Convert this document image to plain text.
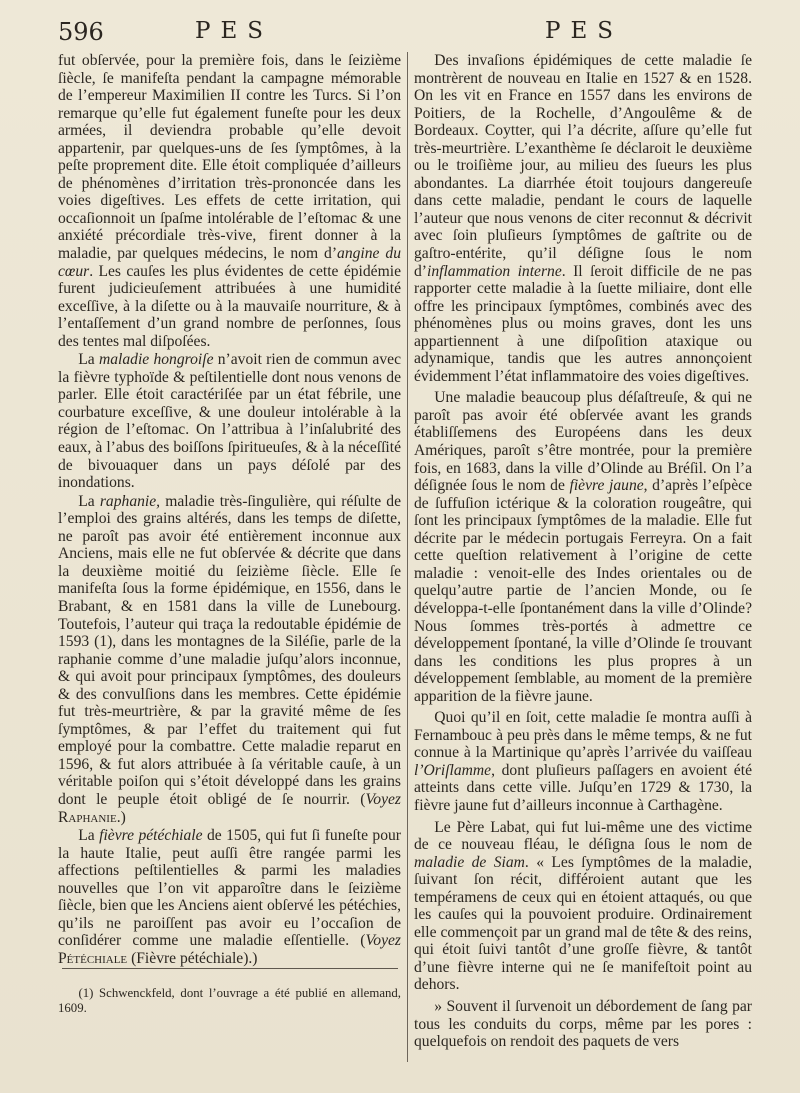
596	PES	PES

fut obſervée, pour la première fois, dans le ſeizième ſiècle, ſe manifeſta pendant la campagne mémorable de l’empereur Maximilien II contre les Turcs. Si l’on remarque qu’elle fut également funeſte pour les deux armées, il deviendra probable qu’elle devoit appartenir, par quelques-uns de ſes ſymptômes, à la peſte proprement dite. Elle étoit compliquée d’ailleurs de phénomènes d’irritation très-prononcée dans les voies digeſtives. Les effets de cette irritation, qui occaſionnoit un ſpaſme intolérable de l’eſtomac & une anxiété précordiale très-vive, firent donner à la maladie, par quelques médecins, le nom d’angine du cœur. Les cauſes les plus évidentes de cette épidémie furent judicieuſement attribuées à une humidité exceſſive, à la diſette ou à la mauvaiſe nourriture, & à l’entaſſement d’un grand nombre de perſonnes, ſous des tentes mal diſpoſées.

La maladie hongroiſe n’avoit rien de commun avec la fièvre typhoïde & peſtilentielle dont nous venons de parler. Elle étoit caractériſée par un état fébrile, une courbature exceſſive, & une douleur intolérable à la région de l’eſtomac. On l’attribua à l’inſalubrité des eaux, à l’abus des boiſſons ſpiritueuſes, & à la néceſſité de bivouaquer dans un pays déſolé par des inondations.

La raphanie, maladie très-ſingulière, qui réſulte de l’emploi des grains altérés, dans les temps de diſette, ne paroît pas avoir été entièrement inconnue aux Anciens, mais elle ne fut obſervée & décrite que dans la deuxième moitié du ſeizième ſiècle. Elle ſe manifeſta ſous la forme épidémique, en 1556, dans le Brabant, & en 1581 dans la ville de Lunebourg. Toutefois, l’auteur qui traça la redoutable épidémie de 1593 (1), dans les montagnes de la Siléſie, parle de la raphanie comme d’une maladie juſqu’alors inconnue, & qui avoit pour principaux ſymptômes, des douleurs & des convulſions dans les membres. Cette épidémie fut très-meurtrière, & par la gravité même de ſes ſymptômes, & par l’effet du traitement qui fut employé pour la combattre. Cette maladie reparut en 1596, & fut alors attribuée à ſa véritable cauſe, à un véritable poiſon qui s’étoit développé dans les grains dont le peuple étoit obligé de ſe nourrir. (Voyez Raphanie.)

La fièvre pétéchiale de 1505, qui fut ſi funeſte pour la haute Italie, peut auſſi être rangée parmi les affections peſtilentielles & parmi les maladies nouvelles que l’on vit apparoître dans le ſeizième ſiècle, bien que les Anciens aient obſervé les pétéchies, qu’ils ne paroiſſent pas avoir eu l’occaſion de conſidérer comme une maladie eſſentielle. (Voyez Pétéchiale (Fièvre pétéchiale).)

(1) Schwenckfeld, dont l’ouvrage a été publié en allemand, 1609.

Des invaſions épidémiques de cette maladie ſe montrèrent de nouveau en Italie en 1527 & en 1528. On les vit en France en 1557 dans les environs de Poitiers, de la Rochelle, d’Angoulême & de Bordeaux. Coytter, qui l’a décrite, aſſure qu’elle fut très-meurtrière. L’exanthème ſe déclaroit le deuxième ou le troiſième jour, au milieu des ſueurs les plus abondantes. La diarrhée étoit toujours dangereuſe dans cette maladie, pendant le cours de laquelle l’auteur que nous venons de citer reconnut & décrivit avec ſoin pluſieurs ſymptômes de gaſtrite ou de gaſtro-entérite, qu’il déſigne ſous le nom d’inflammation interne. Il ſeroit difficile de ne pas rapporter cette maladie à la ſuette miliaire, dont elle offre les principaux ſymptômes, combinés avec des phénomènes plus ou moins graves, dont les uns appartiennent à une diſpoſition ataxique ou adynamique, tandis que les autres annonçoient évidemment l’état inflammatoire des voies digeſtives.

Une maladie beaucoup plus déſaſtreuſe, & qui ne paroît pas avoir été obſervée avant les grands établiſſemens des Européens dans les deux Amériques, paroît s’être montrée, pour la première fois, en 1683, dans la ville d’Olinde au Bréſil. On l’a déſignée ſous le nom de fièvre jaune, d’après l’eſpèce de ſuffuſion ictérique & la coloration rougeâtre, qui ſont les principaux ſymptômes de la maladie. Elle fut décrite par le médecin portugais Ferreyra. On a fait cette queſtion relativement à l’origine de cette maladie : venoit-elle des Indes orientales ou de quelqu’autre partie de l’ancien Monde, ou ſe développa-t-elle ſpontanément dans la ville d’Olinde? Nous ſommes très-portés à admettre ce développement ſpontané, la ville d’Olinde ſe trouvant dans les conditions les plus propres à un développement ſemblable, au moment de la première apparition de la fièvre jaune.

Quoi qu’il en ſoit, cette maladie ſe montra auſſi à Fernambouc à peu près dans le même temps, & ne fut connue à la Martinique qu’après l’arrivée du vaiſſeau l’Oriſlamme, dont pluſieurs paſſagers en avoient été atteints dans cette ville. Juſqu’en 1729 & 1730, la fièvre jaune fut d’ailleurs inconnue à Carthagène.

Le Père Labat, qui fut lui-même une des victime de ce nouveau fléau, le déſigna ſous le nom de maladie de Siam. « Les ſymptômes de la maladie, ſuivant ſon récit, différoient autant que les tempéramens de ceux qui en étoient attaqués, ou que les cauſes qui la pouvoient produire. Ordinairement elle commençoit par un grand mal de tête & des reins, qui étoit ſuivi tantôt d’une groſſe fièvre, & tantôt d’une fièvre interne qui ne ſe manifeſtoit point au dehors.

» Souvent il ſurvenoit un débordement de ſang par tous les conduits du corps, même par les pores : quelquefois on rendoit des paquets de vers
